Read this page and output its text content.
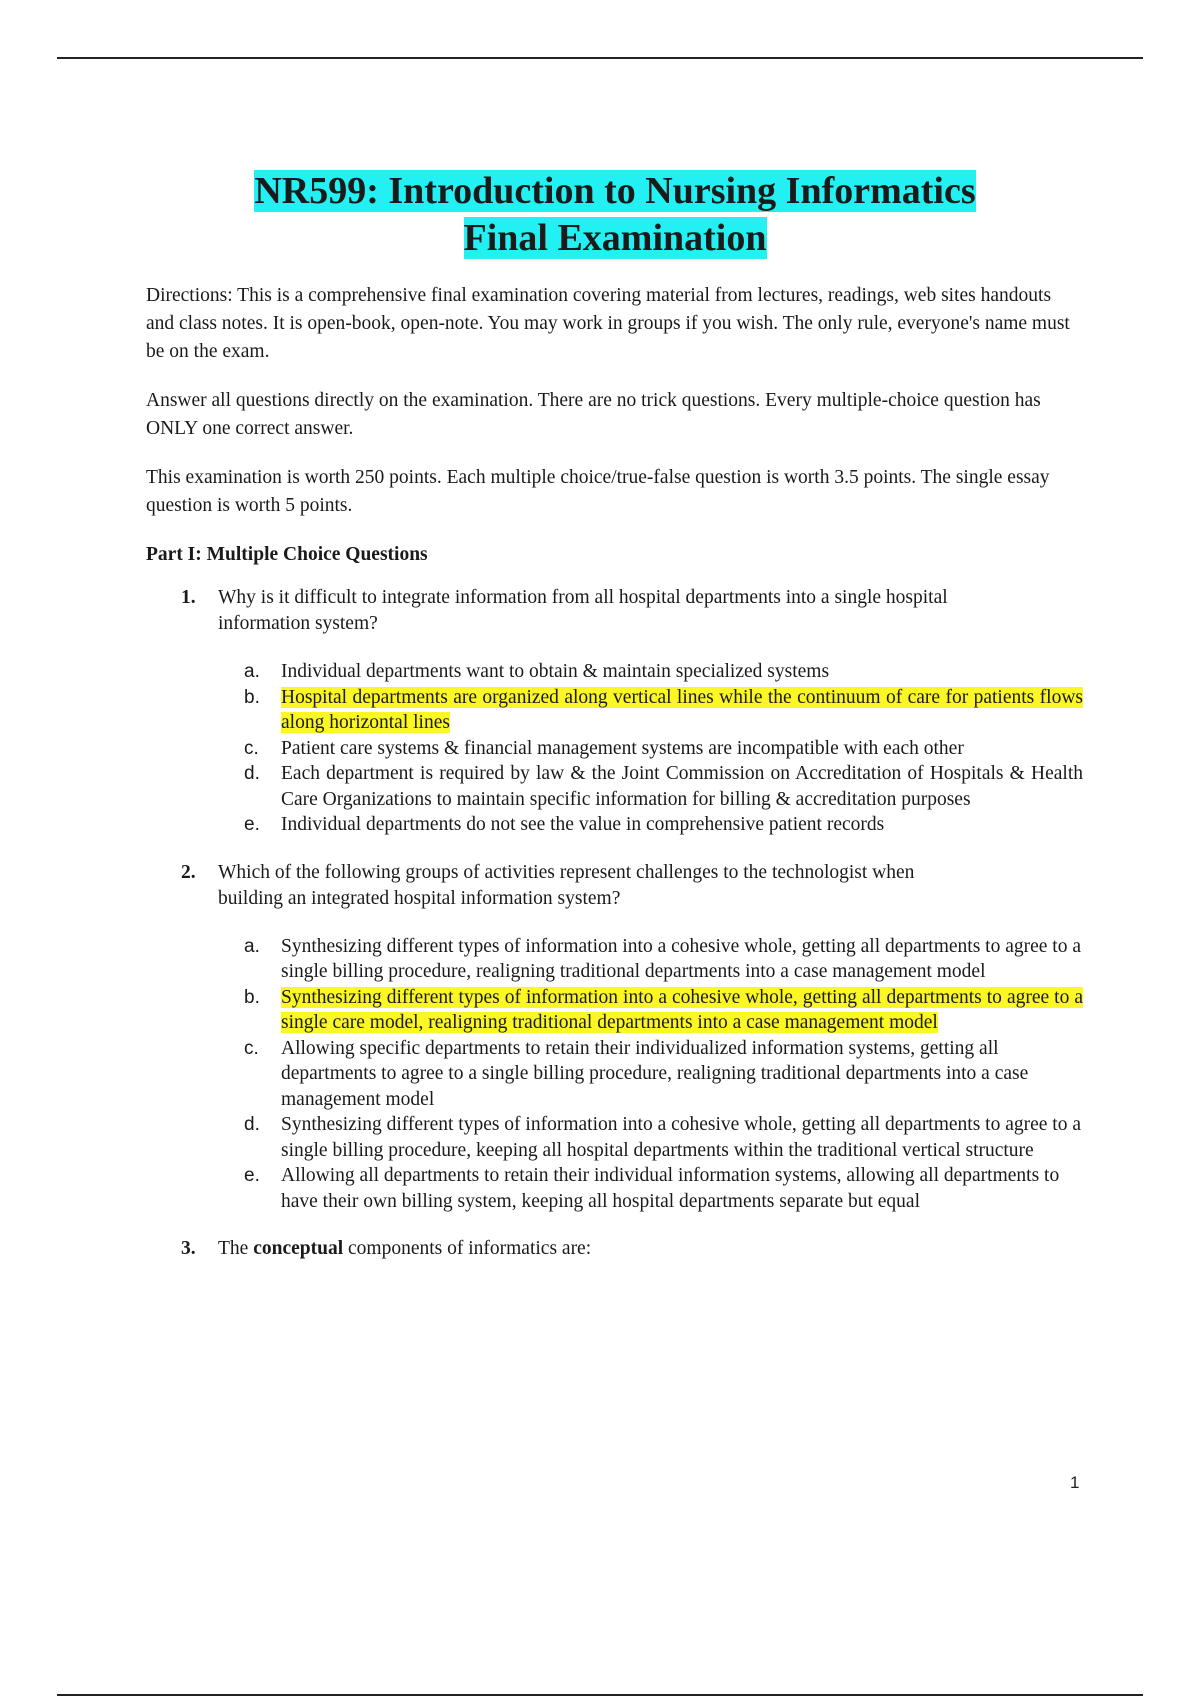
NR599: Introduction to Nursing Informatics
Final Examination

Directions: This is a comprehensive final examination covering material from lectures, readings, web sites handouts and class notes. It is open-book, open-note. You may work in groups if you wish. The only rule, everyone's name must be on the exam.

Answer all questions directly on the examination. There are no trick questions. Every multiple-choice question has ONLY one correct answer.

This examination is worth 250 points. Each multiple choice/true-false question is worth 3.5 points. The single essay question is worth 5 points.

Part I: Multiple Choice Questions
1. Why is it difficult to integrate information from all hospital departments into a single hospital information system?
a. Individual departments want to obtain & maintain specialized systems
b. Hospital departments are organized along vertical lines while the continuum of care for patients flows along horizontal lines
c. Patient care systems & financial management systems are incompatible with each other
d. Each department is required by law & the Joint Commission on Accreditation of Hospitals & Health Care Organizations to maintain specific information for billing & accreditation purposes
e. Individual departments do not see the value in comprehensive patient records
2. Which of the following groups of activities represent challenges to the technologist when building an integrated hospital information system?
a. Synthesizing different types of information into a cohesive whole, getting all departments to agree to a single billing procedure, realigning traditional departments into a case management model
b. Synthesizing different types of information into a cohesive whole, getting all departments to agree to a single care model, realigning traditional departments into a case management model
c. Allowing specific departments to retain their individualized information systems, getting all departments to agree to a single billing procedure, realigning traditional departments into a case management model
d. Synthesizing different types of information into a cohesive whole, getting all departments to agree to a single billing procedure, keeping all hospital departments within the traditional vertical structure
e. Allowing all departments to retain their individual information systems, allowing all departments to have their own billing system, keeping all hospital departments separate but equal
3. The conceptual components of informatics are:
1
